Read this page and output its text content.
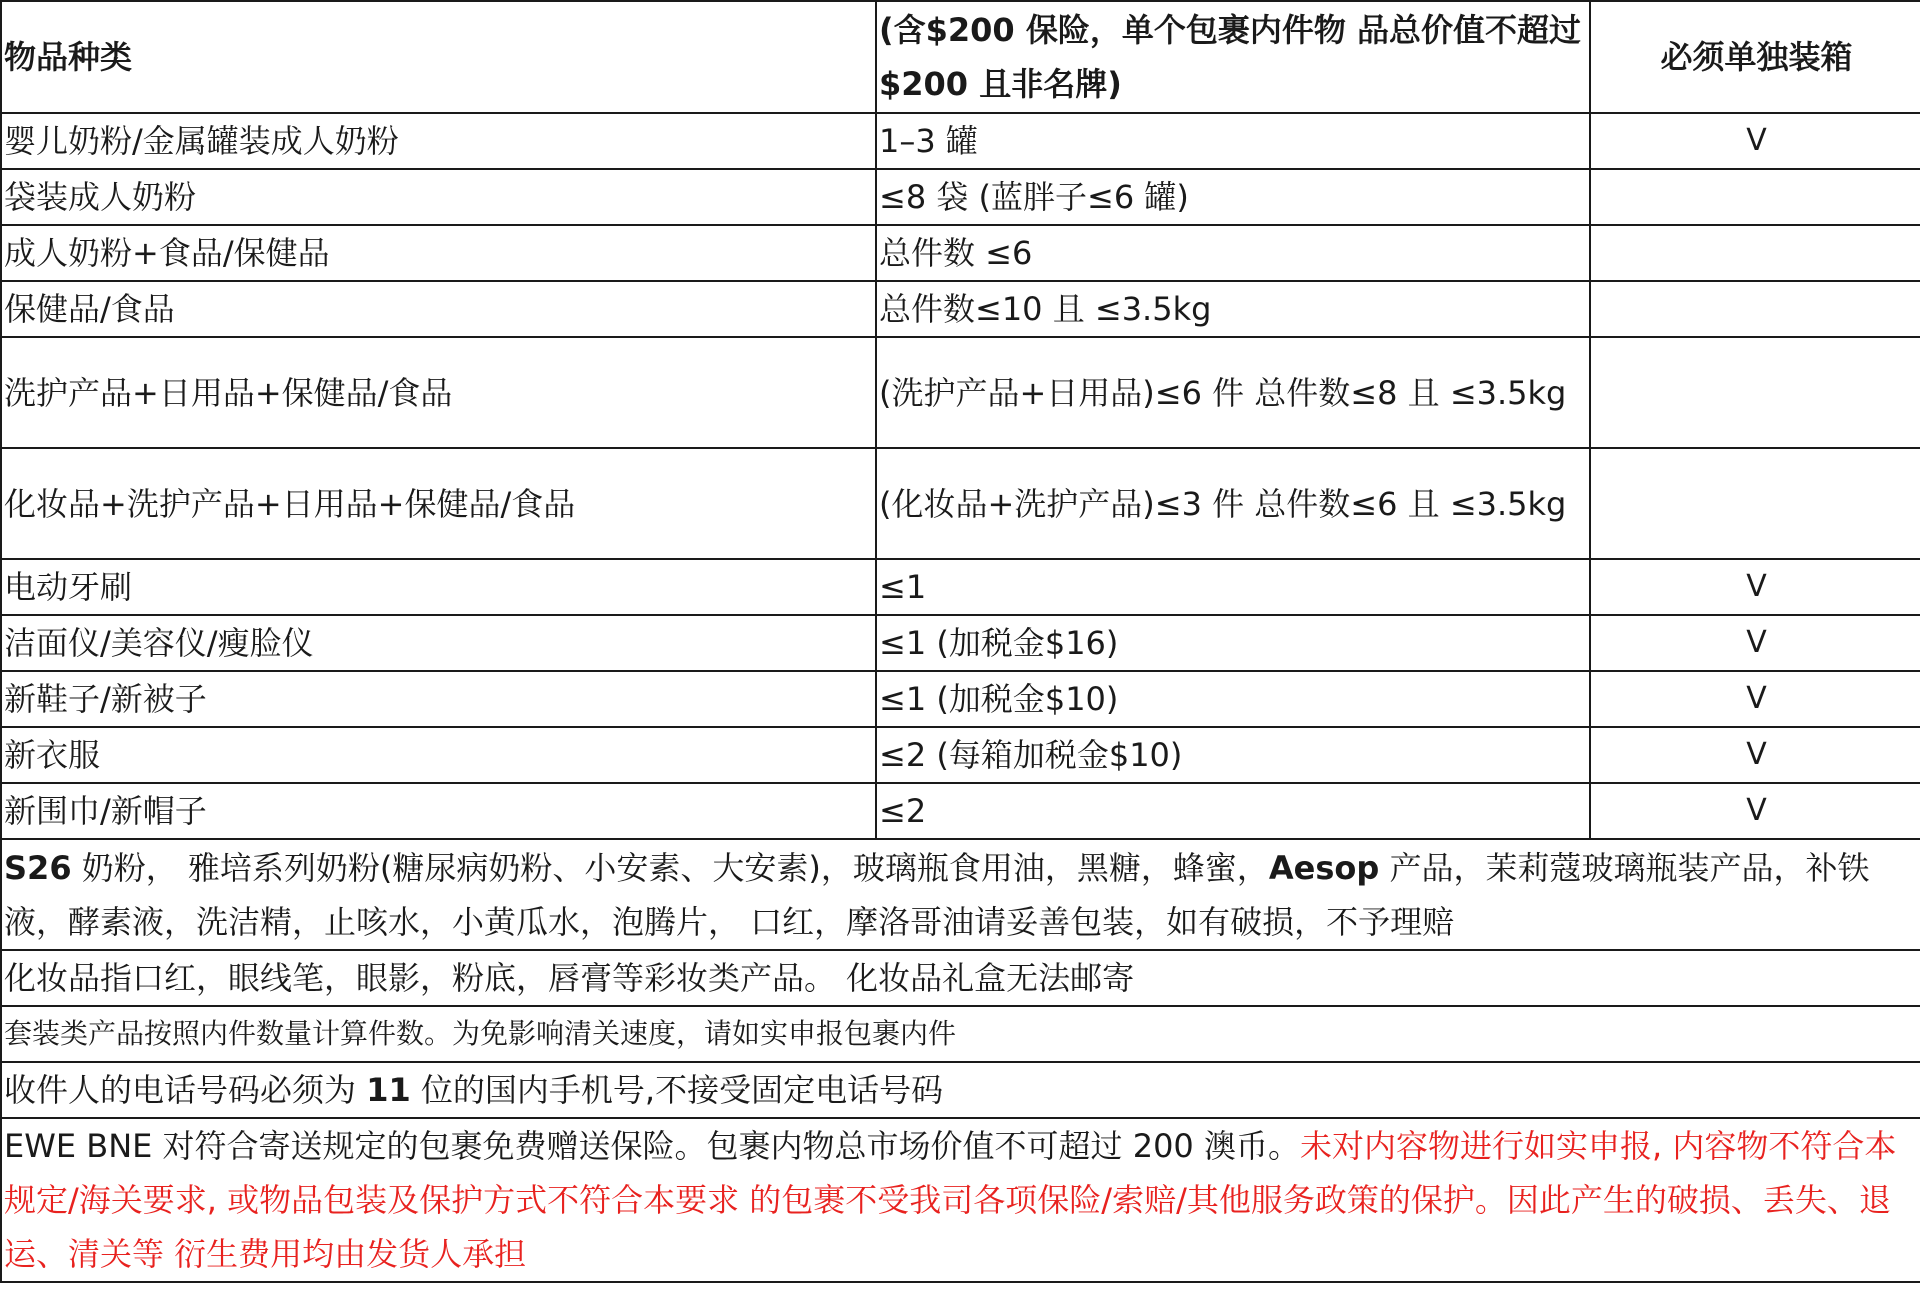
物品种类	(含$200 保险，单个包裹内件物 品总价值不超过$200 且非名牌)	必须单独装箱
婴儿奶粉/金属罐装成人奶粉	1–3 罐	V
袋装成人奶粉	≤8 袋 (蓝胖子≤6 罐)	
成人奶粉+食品/保健品	总件数 ≤6	
保健品/食品	总件数≤10 且 ≤3.5kg	
洗护产品+日用品+保健品/食品	(洗护产品+日用品)≤6 件 总件数≤8 且 ≤3.5kg	
化妆品+洗护产品+日用品+保健品/食品	(化妆品+洗护产品)≤3 件 总件数≤6 且 ≤3.5kg	
电动牙刷	≤1	V
洁面仪/美容仪/瘦脸仪	≤1 (加税金$16)	V
新鞋子/新被子	≤1 (加税金$10)	V
新衣服	≤2 (每箱加税金$10)	V
新围巾/新帽子	≤2	V
S26 奶粉， 雅培系列奶粉(糖尿病奶粉、小安素、大安素)，玻璃瓶食用油，黑糖，蜂蜜，Aesop 产品，茉莉蔻玻璃瓶装产品，补铁液，酵素液，洗洁精，止咳水，小黄瓜水，泡腾片， 口红，摩洛哥油请妥善包装，如有破损，不予理赔		
化妆品指口红，眼线笔，眼影，粉底，唇膏等彩妆类产品。 化妆品礼盒无法邮寄		
套装类产品按照内件数量计算件数。为免影响清关速度，请如实申报包裹内件		
收件人的电话号码必须为 11 位的国内手机号,不接受固定电话号码		
EWE BNE 对符合寄送规定的包裹免费赠送保险。包裹内物总市场价值不可超过 200 澳币。未对内容物进行如实申报, 内容物不符合本规定/海关要求, 或物品包装及保护方式不符合本要求 的包裹不受我司各项保险/索赔/其他服务政策的保护。因此产生的破损、丢失、退运、清关等 衍生费用均由发货人承担		
